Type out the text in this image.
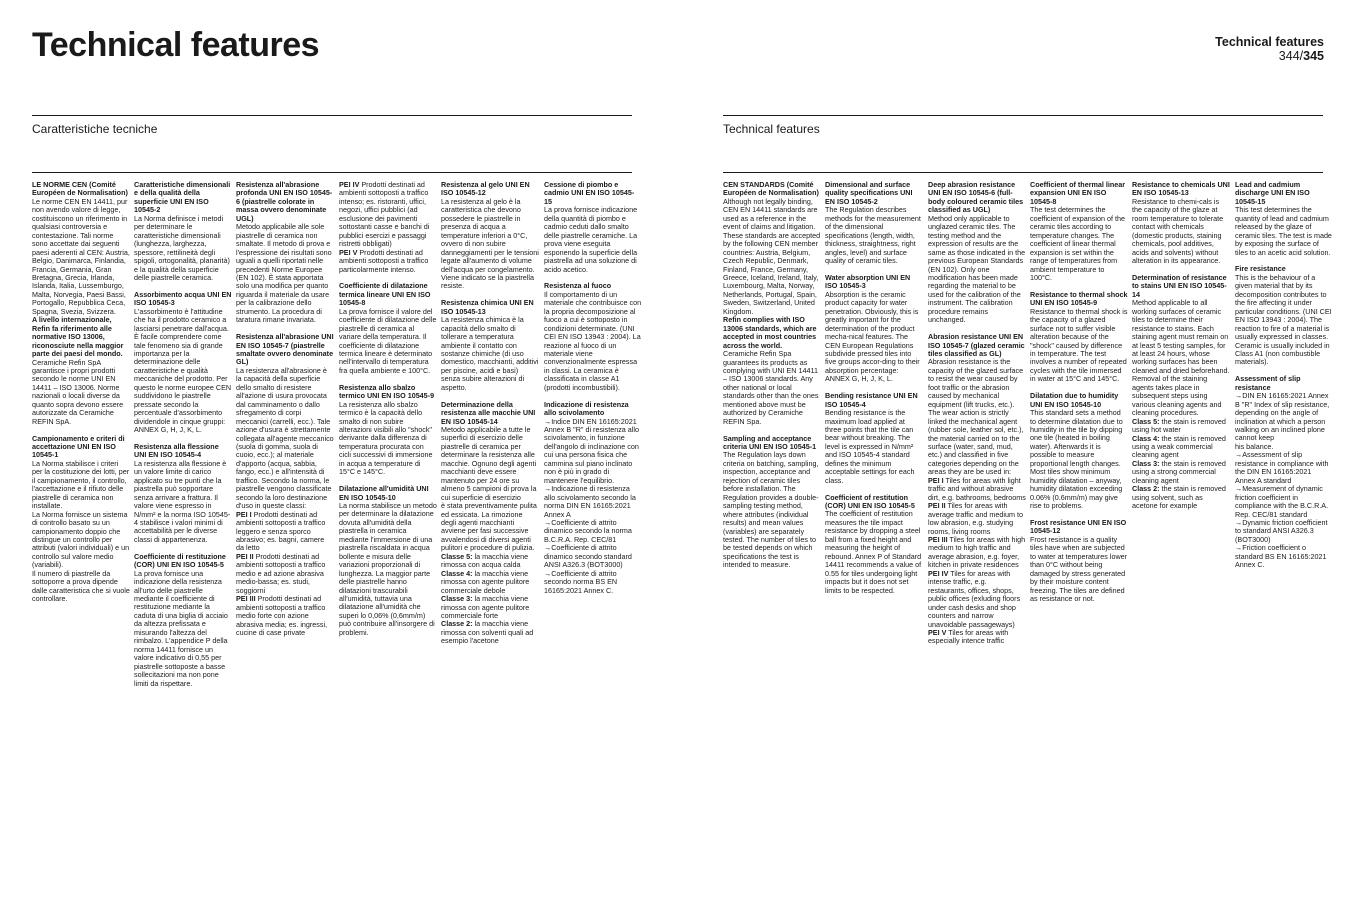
Technical features	Technical features
344/345
Caratteristiche tecniche	Technical features

LE NORME CEN (Comité Européen de Normalisation)
Le norme CEN EN 14411, pur non avendo valore di legge, costituiscono un riferimento in qualsiasi controversia e contestazione. Tali norme sono accettate dai seguenti paesi aderenti al CEN: Austria, Belgio, Danimarca, Finlandia, Francia, Germania, Gran Bretagna, Grecia, Irlanda, Islanda, Italia, Lussemburgo, Malta, Norvegia, Paesi Bassi, Portogallo, Repubblica Ceca, Spagna, Svezia, Svizzera.
A livello internazionale, Refin fa riferimento alle normative ISO 13006, riconosciute nella maggior parte dei paesi del mondo.
Ceramiche Refin SpA garantisce i propri prodotti secondo le norme UNI EN 14411 – ISO 13006. Norme nazionali o locali diverse da quanto sopra devono essere autorizzate da Ceramiche REFIN SpA.

Campionamento e criteri di accettazione UNI EN ISO 10545-1
La Norma stabilisce i criteri per la costituzione dei lotti, per il campionamento, il controllo, l'accettazione e il rifiuto delle piastrelle di ceramica non installate.
La Norma fornisce un sistema di controllo basato su un campionamento doppio che distingue un controllo per attributi (valori individuali) e un controllo sul valore medio (variabili).
Il numero di piastrelle da sottoporre a prova dipende dalle caratteristica che si vuole controllare.

Caratteristiche dimensionali e della qualità della superficie UNI EN ISO 10545-2
La Norma definisce i metodi per determinare le caratteristiche dimensionali (lunghezza, larghezza, spessore, rettilineità degli spigoli, ortogonalità, planarità) e la qualità della superficie delle piastrelle ceramica.

Assorbimento acqua UNI EN ISO 10545-3
L'assorbimento è l'attitudine che ha il prodotto ceramico a lasciarsi penetrare dall'acqua. È facile comprendere come tale fenomeno sia di grande importanza per la determinazione delle caratteristiche e qualità meccaniche del prodotto. Per questo le norme europee CEN suddividono le piastrelle pressate secondo la percentuale d'assorbimento dividendole in cinque gruppi: ANNEX G, H, J, K, L.

Resistenza alla flessione UNI EN ISO 10545-4
La resistenza alla flessione è un valore limite di carico applicato su tre punti che la piastrella può sopportare senza arrivare a frattura. Il valore viene espresso in N/mm² e la norma ISO 10545-4 stabilisce i valori minimi di accettabilità per le diverse classi di appartenenza.

Coefficiente di restituzione (COR) UNI EN ISO 10545-5
La prova fornisce una indicazione della resistenza all'urto delle piastrelle mediante il coefficiente di restituzione mediante la caduta di una biglia di acciaio da altezza prefissata e misurando l'altezza del rimbalzo. L'appendice P della norma 14411 fornisce un valore indicativo di 0,55 per piastrelle sottoposte a basse sollecitazioni ma non pone limiti da rispettare.

Resistenza all'abrasione profonda UNI EN ISO 10545-6 (piastrelle colorate in massa ovvero denominate UGL)
Metodo applicabile alle sole piastrelle di ceramica non smaltate. Il metodo di prova e l'espressione dei risultati sono uguali a quelli riportati nelle precedenti Norme Europee (EN 102). È stata apportata solo una modifica per quanto riguarda il materiale da usare per la calibrazione dello strumento. La procedura di taratura rimane invariata.

Resistenza all'abrasione UNI EN ISO 10545-7 (piastrelle smaltate ovvero denominate GL)
La resistenza all'abrasione è la capacità della superficie dello smalto di resistere all'azione di usura provocata dal camminamento o dallo sfregamento di corpi meccanici (carrelli, ecc.). Tale azione d'usura è strettamente collegata all'agente meccanico (suola di gomma, suola di cuoio, ecc.); al materiale d'apporto (acqua, sabbia, fango, ecc.) e all'intensità di traffico. Secondo la norma, le piastrelle vengono classificate secondo la loro destinazione d'uso in queste classi:
PEI I Prodotti destinati ad ambienti sottoposti a traffico leggero e senza sporco abrasivo; es. bagni, camere da letto
PEI II Prodotti destinati ad ambienti sottoposti a traffico medio e ad azione abrasiva medio-bassa; es. studi, soggiorni
PEI III Prodotti destinati ad ambienti sottoposti a traffico medio forte con azione abrasiva media; es. ingressi, cucine di case private

PEI IV Prodotti destinati ad ambienti sottoposti a traffico intenso; es. ristoranti, uffici, negozi, uffici pubblici (ad esclusione dei pavimenti sottostanti casse e banchi di pubblici esercizi e passaggi ristretti obbligati)
PEI V Prodotti destinati ad ambienti sottoposti a traffico particolarmente intenso.

Coefficiente di dilatazione termica lineare UNI EN ISO 10545-8
La prova fornisce il valore del coefficiente di dilatazione delle piastrelle di ceramica al variare della temperatura. Il coefficiente di dilatazione termica lineare è determinato nell'intervallo di temperatura fra quella ambiente e 100°C.

Resistenza allo sbalzo termico UNI EN ISO 10545-9
La resistenza allo sbalzo termico è la capacità dello smalto di non subire alterazioni visibili allo "shock" derivante dalla differenza di temperatura procurata con cicli successivi di immersione in acqua a temperature di 15°C e 145°C.

Dilatazione all'umidità UNI EN ISO 10545-10
La norma stabilisce un metodo per determinare la dilatazione dovuta all'umidità della piastrella in ceramica mediante l'immersione di una piastrella riscaldata in acqua bollente e misura delle variazioni proporzionali di lunghezza. La maggior parte delle piastrelle hanno dilatazioni trascurabili all'umidità, tuttavia una dilatazione all'umidità che superi lo 0,06% (0,6mm/m) può contribuire all'insorgere di problemi.

Resistenza al gelo UNI EN ISO 10545-12
La resistenza al gelo è la caratteristica che devono possedere le piastrelle in presenza di acqua a temperature inferiori a 0°C, ovvero di non subire danneggiamenti per le tensioni legate all'aumento di volume dell'acqua per congelamento. Viene indicato se la piastrella resiste.

Resistenza chimica UNI EN ISO 10545-13
La resistenza chimica è la capacità dello smalto di tollerare a temperatura ambiente il contatto con sostanze chimiche (di uso domestico, macchianti, additivi per piscine, acidi e basi) senza subire alterazioni di aspetto.

Determinazione della resistenza alle macchie UNI EN ISO 10545-14
Metodo applicabile a tutte le superfici di esercizio delle piastrelle di ceramica per determinare la resistenza alle macchie. Ognuno degli agenti macchianti deve essere mantenuto per 24 ore su almeno 5 campioni di prova la cui superficie di esercizio
è stata preventivamente pulita ed essicata. La rimozione degli agenti macchianti avviene per fasi successive avvalendosi di diversi agenti pulitori e procedure di pulizia.
Classe 5: la macchia viene rimossa con acqua calda
Classe 4: la macchia viene rimossa con agente pulitore commerciale debole
Classe 3: la macchia viene rimossa con agente pulitore commerciale forte
Classe 2: la macchia viene rimossa con solventi quali ad esempio l'acetone

Cessione di piombo e cadmio UNI EN ISO 10545-15
La prova fornisce indicazione della quantità di piombo e cadmio ceduti dallo smalto delle piastrelle ceramiche. La prova viene eseguita esponendo la superficie della piastrella ad una soluzione di acido acetico.

Resistenza al fuoco
Il comportamento di un materiale che contribuisce con la propria decomposizione al fuoco a cui è sottoposto in condizioni determinate. (UNI CEI EN ISO 13943 : 2004). La reazione al fuoco di un materiale viene convenzionalmente espressa in classi. La ceramica è classificata in classe A1 (prodotti incombustibili).

Indicazione di resistenza allo scivolamento
→Indice DIN EN 16165:2021 Annex B "R" di resistenza allo scivolamento, in funzione dell'angolo di inclinazione con cui una persona fisica che cammina sul piano inclinato non è più in grado di mantenere l'equilibrio.
→Indicazione di resistenza allo scivolamento secondo la norma DIN EN 16165:2021 Annex A
→Coefficiente di attrito dinamico secondo la norma B.C.R.A. Rep. CEC/81
→Coefficiente di attrito dinamico secondo standard ANSI A326.3 (BOT3000)
→Coefficiente di attrito secondo norma BS EN 16165:2021 Annex C.

CEN STANDARDS (Comité Européen de Normalisation)
Although not legally binding, CEN EN 14411 standards are used as a reference in the event of claims and litigation. These standards are accepted by the following CEN member countries: Austria, Belgium, Czech Republic, Denmark, Finland, France, Germany, Greece, Iceland, Ireland, Italy, Luxembourg, Malta, Norway, Netherlands, Portugal, Spain, Sweden, Switzerland, United Kingdom.
Refin complies with ISO 13006 standards, which are accepted in most countries across the world.
Ceramiche Refin Spa guarantees its products as complying with UNI EN 14411 – ISO 13006 standards. Any other national or local standards other than the ones mentioned above must be authorized by Ceramiche REFIN Spa.

Sampling and acceptance criteria UNI EN ISO 10545-1
The Regulation lays down criteria on batching, sampling, inspection, acceptance and rejection of ceramic tiles before installation. The Regulation provides a double-sampling testing method, where attributes (individual results) and mean values (variables) are separately tested. The number of tiles to be tested depends on which specifications the test is intended to measure.

Dimensional and surface quality specifications UNI EN ISO 10545-2
The Regulation describes methods for the measurement of the dimensional specifications (length, width, thickness, straightness, right angles, level) and surface quality of ceramic tiles.

Water absorption UNI EN ISO 10545-3
Absorption is the ceramic product capacity for water penetration. Obviously, this is greatly important for the determination of the product mecha-nical features. The CEN European Regulations subdivide pressed tiles into five groups accor-ding to their absorption percentage: ANNEX G, H, J, K, L.

Bending resistance UNI EN ISO 10545-4
Bending resistance is the maximum load applied at three points that the tile can bear without breaking. The level is expressed in N/mm² and ISO 10545-4 standard defines the minimum acceptable settings for each class.

Coefficient of restitution (COR) UNI EN ISO 10545-5
The coefficient of restitution measures the tile impact resistance by dropping a steel ball from a fixed height and measuring the height of rebound. Annex P of Standard 14411 recommends a value of 0.55 for tiles undergoing light impacts but it does not set limits to be respected.

Deep abrasion resistance UNI EN ISO 10545-6 (full-body coloured ceramic tiles classified as UGL)
Method only applicable to unglazed ceramic tiles. The testing method and the expression of results are the same as those indicated in the previous European Standards (EN 102). Only one modification has been made regarding the material to be used for the calibration of the instrument. The calibration procedure remains unchanged.

Abrasion resistance UNI EN ISO 10545-7 (glazed ceramic tiles classified as GL)
Abrasion resistance is the capacity of the glazed surface to resist the wear caused by foot traffic or the abrasion caused by mechanical equipment (lift trucks, etc.). The wear action is strictly linked the mechanical agent (rubber sole, leather sol, etc.), the material carried on to the surface (water, sand, mud, etc.) and classified in five categories depending on the areas they are be used in:
PEI I Tiles for areas with light traffic and without abrasive dirt, e.g. bathrooms, bedrooms
PEI II Tiles for areas with average traffic and medium to low abrasion, e.g. studying rooms, living rooms
PEI III Tiles for areas with high medium to high traffic and average abrasion, e.g. foyer, kitchen in private residences
PEI IV Tiles for areas with intense traffic, e.g. restaurants, offices, shops, public offices (exluding floors under cash desks and shop counters and narrow unavoidable passageways)
PEI V Tiles for areas with especially intence traffic

Coefficient of thermal linear expansion UNI EN ISO 10545-8
The test determines the coefficient of expansion of the ceramic tiles according to temperature changes. The coefficient of linear thermal expansion is set within the range of temperatures from ambient temperature to 100°C.

Resistance to thermal shock UNI EN ISO 10545-9
Resistance to thermal shock is the capacity of a glazed surface not to suffer visible alteration because of the "shock" caused by difference in temperature. The test involves a number of repeated cycles with the tile immersed in water at 15°C and 145°C.

Dilatation due to humidity UNI EN ISO 10545-10
This standard sets a method to determine dilatation due to humidity in the tile by dipping one tile (heated in boiling water). Afterwards it is possible to measure proportional length changes. Most tiles show minimum humidity dilatation – anyway, humidity dilatation exceeding 0.06% (0.6mm/m) may give rise to problems.

Frost resistance UNI EN ISO 10545-12
Frost resistance is a quality tiles have when are subjected to water at temperatures lower than 0°C without being damaged by stress generated by their moisture content freezing. The tiles are defined as resistance or not.

Resistance to chemicals UNI EN ISO 10545-13
Resistance to chemi-cals is the capacity of the glaze at room temperature to tolerate contact with chemicals (domestic products, staining chemicals, pool additives, acids and solvents) without alteration in its appearance.

Determination of resistance to stains UNI EN ISO 10545-14
Method applicable to all working surfaces of ceramic tiles to determine their resistance to stains. Each staining agent must remain on at least 5 testing samples, for at least 24 hours, whose working surfaces has been cleaned and dried beforehand. Removal of the staining agents takes place in subsequent steps using various cleaning agents and cleaning procedures.
Class 5: the stain is removed using hot water
Class 4: the stain is removed using a weak commercial cleaning agent
Class 3: the stain is removed using a strong commercial cleaning agent
Class 2: the stain is removed using solvent, such as acetone for example

Lead and cadmium discharge UNI EN ISO 10545-15
This test determines the quantity of lead and cadmium released by the glaze of ceramic tiles. The test is made by exposing the surface of tiles to an acetic acid solution.

Fire resistance
This is the behaviour of a given material that by its decomposition contributes to the fire affecting it under particular conditions. (UNI CEI EN ISO 13943 : 2004). The reaction to fire of a material is usually expressed in classes. Ceramic is usually included in Class A1 (non combustible materials).

Assessment of slip resistance
→DIN EN 16165:2021 Annex B "R" Index of slip resistance, depending on the angle of inclination at which a person walking on an inclined plone cannot keep
his balance.
→Assessment of slip resistance in compliance with the DIN EN 16165:2021 Annex A standard
→Measurement of dynamic friction coefficient in compliance with the B.C.R.A. Rep. CEC/81 standard
→Dynamic friction coefficient to standard ANSI A326.3 (BOT3000)
→Friction coefficient o standard BS EN 16165:2021 Annex C.
